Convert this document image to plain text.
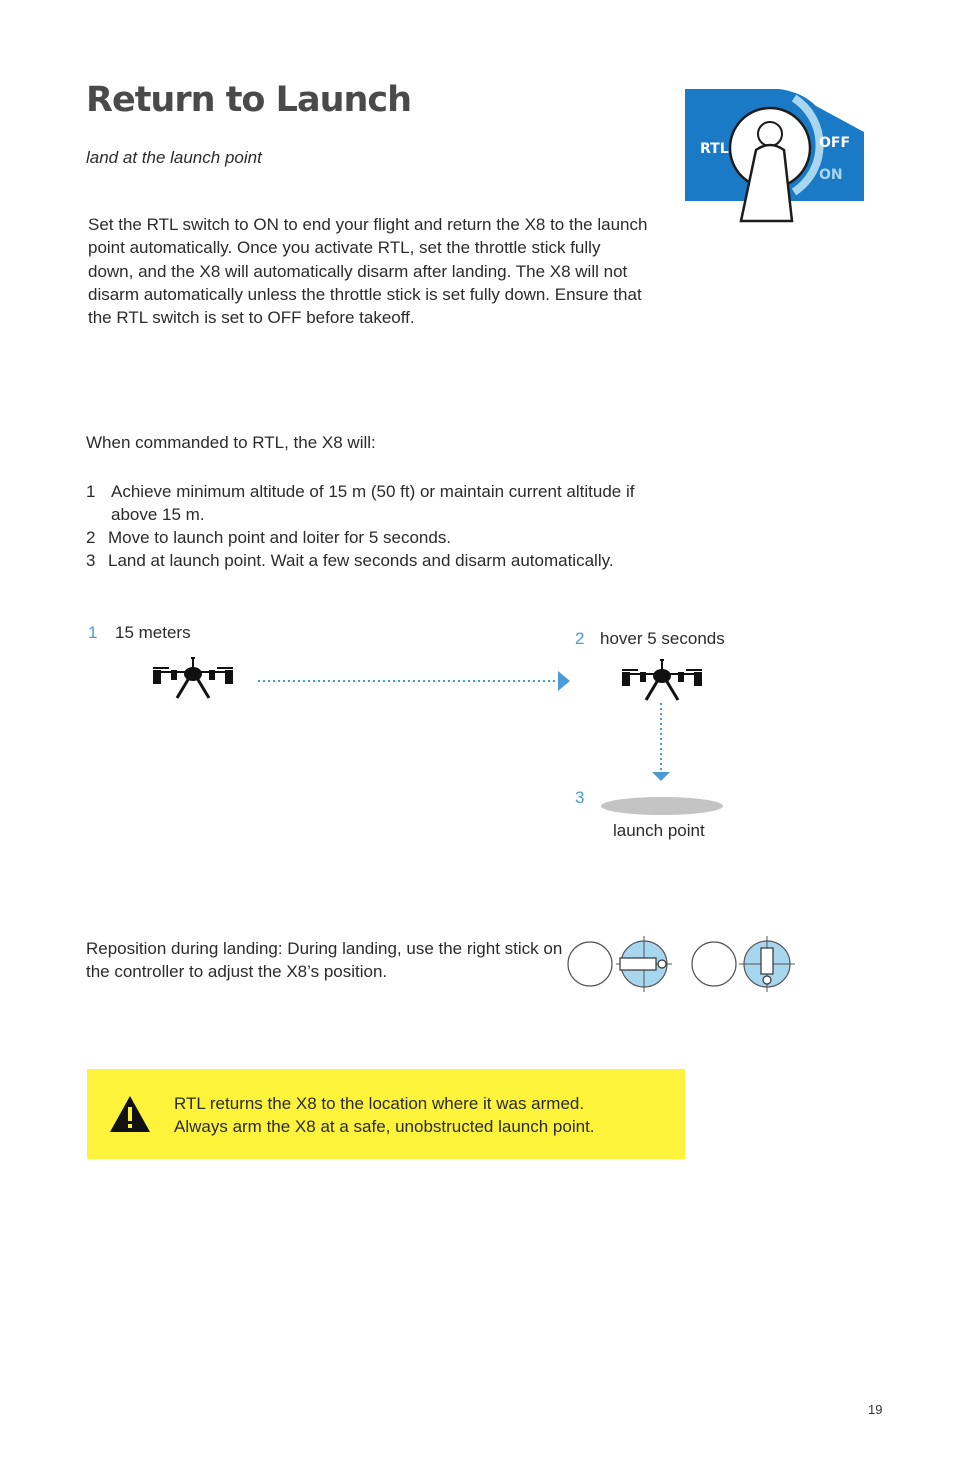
Return to Launch
land at the launch point	RTL	OFF
ON
Set the RTL switch to ON to end your flight and return the X8 to the launch point automatically. Once you activate RTL, set the throttle stick fully down, and the X8 will automatically disarm after landing. The X8 will not disarm automatically unless the throttle stick is set fully down. Ensure that the RTL switch is set to OFF before takeoff.
When commanded to RTL, the X8 will:
1 Achieve minimum altitude of 15 m (50 ft) or maintain current altitude if
above 15 m.
2 Move to launch point and loiter for 5 seconds.
3 Land at launch point. Wait a few seconds and disarm automatically.
1 15 meters	2 hover 5 seconds
3
launch point
Reposition during landing: During landing, use the right stick on the controller to adjust the X8’s position.
RTL returns the X8 to the location where it was armed.
Always arm the X8 at a safe, unobstructed launch point.
19
